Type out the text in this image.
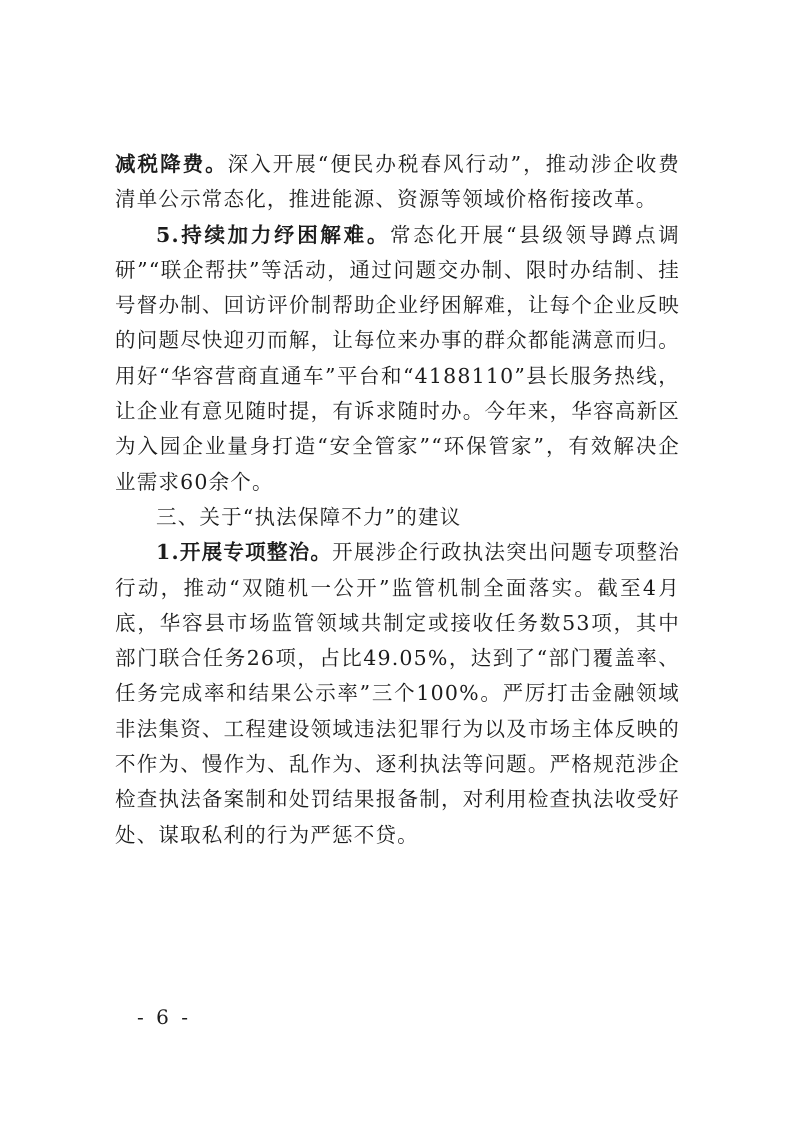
减税降费。深入开展“便民办税春风行动”，推动涉企收费清单公示常态化，推进能源、资源等领域价格衔接改革。

5.持续加力纾困解难。常态化开展“县级领导蹲点调研”“联企帮扶”等活动，通过问题交办制、限时办结制、挂号督办制、回访评价制帮助企业纾困解难，让每个企业反映的问题尽快迎刃而解，让每位来办事的群众都能满意而归。用好“华容营商直通车”平台和“4188110”县长服务热线，让企业有意见随时提，有诉求随时办。今年来，华容高新区为入园企业量身打造“安全管家”“环保管家”，有效解决企业需求60余个。

三、关于“执法保障不力”的建议

1.开展专项整治。开展涉企行政执法突出问题专项整治行动，推动“双随机一公开”监管机制全面落实。截至4月底，华容县市场监管领域共制定或接收任务数53项，其中部门联合任务26项，占比49.05%，达到了“部门覆盖率、任务完成率和结果公示率”三个100%。严厉打击金融领域非法集资、工程建设领域违法犯罪行为以及市场主体反映的不作为、慢作为、乱作为、逐利执法等问题。严格规范涉企检查执法备案制和处罚结果报备制，对利用检查执法收受好处、谋取私利的行为严惩不贷。

- 6 -
